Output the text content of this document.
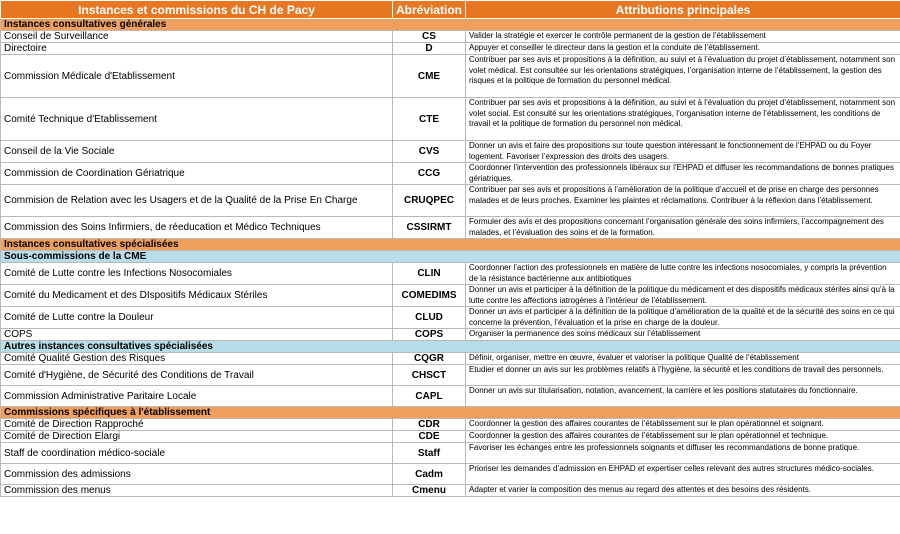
Instances et commissions du CH de Pacy	Abréviation	Attributions principales
Instances consultatives générales		
Conseil de Surveillance	CS	Valider la stratégie et exercer le contrôle permanent de la gestion de l’établissement
Directoire	D	Appuyer et conseiller le directeur dans la gestion et la conduite de l’établissement.
Commission Médicale d'Etablissement	CME	Contribuer par ses avis et propositions à la définition, au suivi et à l’évaluation du projet d’établissement, notamment son volet médical. Est consultée sur les orientations stratégiques, l’organisation interne de l’établissement, la gestion des risques et la politique de formation du personnel médical.
Comité Technique d'Etablissement	CTE	Contribuer par ses avis et propositions à la définition, au suivi et à l’évaluation du projet d’établissement, notamment son volet social. Est consulté sur les orientations stratégiques, l’organisation interne de l’établissement, les conditions de travail et la politique de formation du personnel non médical.
Conseil de la Vie Sociale	CVS	Donner un avis et faire des propositions sur toute question intéressant le fonctionnement de l’EHPAD ou du Foyer logement. Favoriser l’expression des droits des usagers.
Commission de Coordination Gériatrique	CCG	Coordonner l’intervention des professionnels libéraux sur l’EHPAD et diffuser les recommandations de bonnes pratiques gériatriques.
Commision de Relation avec les Usagers et de la Qualité de la Prise En Charge	CRUQPEC	Contribuer par ses avis et propositions à l’amélioration de la politique d’accueil et de prise en charge des personnes malades et de leurs proches. Examiner les plaintes et réclamations. Contribuer à la réflexion dans l’établissement.
Commission des Soins Infirmiers, de réeducation et Médico Techniques	CSSIRMT	Formuler des avis et des propositions concernant l’organisation générale des soins infirmiers, l’accompagnement des malades, et l’évaluation des soins et de la formation.
Instances consultatives spécialisées		
Sous-commissions de la CME		
Comité de Lutte contre les Infections Nosocomiales	CLIN	Coordonner l’action des professionnels en matière de lutte contre les infections nosocomiales, y compris la prévention de la résistance bactérienne aux antibiotiques
Comité du Medicament et des DIspositifs Médicaux Stériles	COMEDIMS	Donner un avis et participer à la définition de la politique du médicament et des dispositifs médicaux stériles ainsi qu’à la lutte contre les affections iatrogènes à l’intérieur de l’établissement.
Comité de Lutte contre la Douleur	CLUD	Donner un avis et participer à la définition de la politique d’amélioration de la qualité et de la sécurité des soins en ce qui concerne la prévention, l’évaluation et la prise en charge de la douleur.
COPS	COPS	Organiser la permanence des soins médicaux sur l’établissement
Autres instances consultatives spécialisées		
Comité Qualité Gestion des Risques	CQGR	Définir, organiser, mettre en œuvre, évaluer et valoriser la politique Qualité de l’établissement
Comité d'Hygiène, de Sécurité des Conditions de Travail	CHSCT	Etudier et donner un avis sur les problèmes relatifs à l’hygiène, la sécurité et les conditions de travail des personnels.
Commission Administrative Paritaire Locale	CAPL	Donner un avis sur titularisation, notation, avancement, la carrière et les positions statutaires du fonctionnaire.
Commissions spécifiques à l'établissement		
Comité de Direction Rapproché	CDR	Coordonner la gestion des affaires courantes de l’établissement sur le plan opérationnel et soignant.
Comité de Direction Elargi	CDE	Coordonner la gestion des affaires courantes de l’établissement sur le plan opérationnel et technique.
Staff de coordination médico-sociale	Staff	Favoriser les échanges entre les professionnels soignants et diffuser les recommandations de bonne pratique.
Commission des admissions	Cadm	Prioriser les demandes d’admission en EHPAD et expertiser celles relevant des autres structures médico-sociales.
Commission des menus	Cmenu	Adapter et varier la composition des menus au regard des attentes et des besoins des résidents.
